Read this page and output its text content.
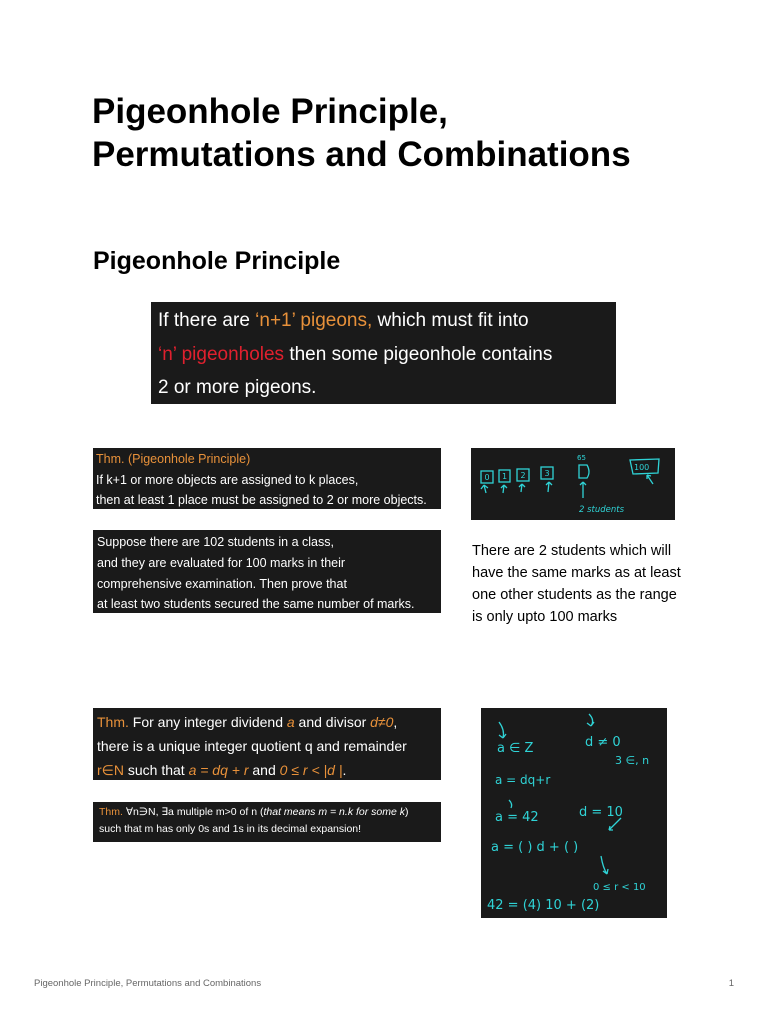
Pigeonhole Principle, Permutations and Combinations
Pigeonhole Principle
If there are ‘n+1’ pigeons, which must fit into
‘n’ pigeonholes then some pigeonhole contains
2 or more pigeons.
Thm. (Pigeonhole Principle)
If k+1 or more objects are assigned to k places,
then at least 1 place must be assigned to 2 or more objects.
Suppose there are 102 students in a class,
and they are evaluated for 100 marks in their
comprehensive examination. Then prove that
at least two students secured the same number of marks.
0 1 2 3
65
100
2 students
There are 2 students which will have the same marks as at least one other students as the range is only upto 100 marks
Thm. For any integer dividend a and divisor d≠0,
there is a unique integer quotient q and remainder
r∈N such that a = dq + r and 0 ≤ r < |d |.
Thm. ∀n∋N, ∃a multiple m>0 of n (that means m = n.k for some k)
such that m has only 0s and 1s in its decimal expansion!
a ∈ Z	d ≠ 0
3 ∈, n
a = dq+r
a = 42	d = 10
a = ( ) d + ( )
0 ≤ r < 10
42 = (4) 10 + (2)
Pigeonhole Principle, Permutations and Combinations	1
